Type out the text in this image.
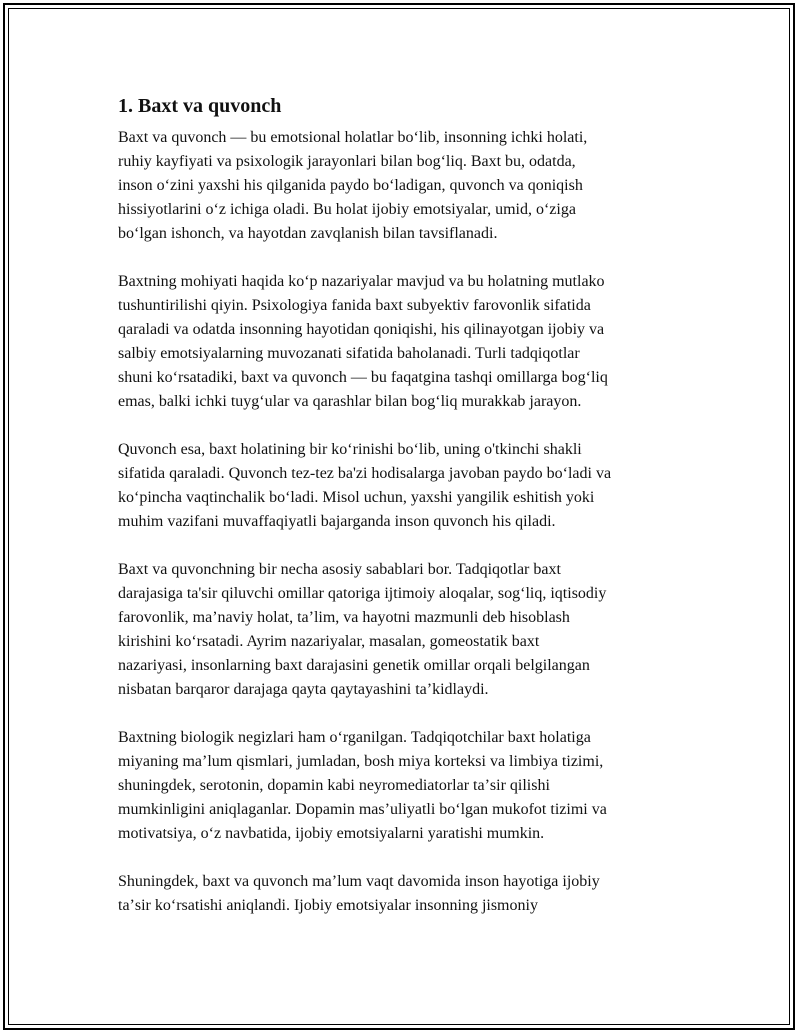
1. Baxt va quvonch

Baxt va quvonch — bu emotsional holatlar boʻlib, insonning ichki holati,
ruhiy kayfiyati va psixologik jarayonlari bilan bogʻliq. Baxt bu, odatda,
inson oʻzini yaxshi his qilganida paydo boʻladigan, quvonch va qoniqish
hissiyotlarini oʻz ichiga oladi. Bu holat ijobiy emotsiyalar, umid, oʻziga
boʻlgan ishonch, va hayotdan zavqlanish bilan tavsiflanadi.

Baxtning mohiyati haqida koʻp nazariyalar mavjud va bu holatning mutlako
tushuntirilishi qiyin. Psixologiya fanida baxt subyektiv farovonlik sifatida
qaraladi va odatda insonning hayotidan qoniqishi, his qilinayotgan ijobiy va
salbiy emotsiyalarning muvozanati sifatida baholanadi. Turli tadqiqotlar
shuni koʻrsatadiki, baxt va quvonch — bu faqatgina tashqi omillarga bogʻliq
emas, balki ichki tuygʻular va qarashlar bilan bogʻliq murakkab jarayon.

Quvonch esa, baxt holatining bir koʻrinishi boʻlib, uning o'tkinchi shakli
sifatida qaraladi. Quvonch tez-tez ba'zi hodisalarga javoban paydo boʻladi va
koʻpincha vaqtinchalik boʻladi. Misol uchun, yaxshi yangilik eshitish yoki
muhim vazifani muvaffaqiyatli bajarganda inson quvonch his qiladi.

Baxt va quvonchning bir necha asosiy sabablari bor. Tadqiqotlar baxt
darajasiga ta'sir qiluvchi omillar qatoriga ijtimoiy aloqalar, sogʻliq, iqtisodiy
farovonlik, maʼnaviy holat, taʼlim, va hayotni mazmunli deb hisoblash
kirishini koʻrsatadi. Ayrim nazariyalar, masalan, gomeostatik baxt
nazariyasi, insonlarning baxt darajasini genetik omillar orqali belgilangan
nisbatan barqaror darajaga qayta qaytayashini taʼkidlaydi.

Baxtning biologik negizlari ham oʻrganilgan. Tadqiqotchilar baxt holatiga
miyaning maʼlum qismlari, jumladan, bosh miya korteksi va limbiya tizimi,
shuningdek, serotonin, dopamin kabi neyromediatorlar taʼsir qilishi
mumkinligini aniqlaganlar. Dopamin masʼuliyatli boʻlgan mukofot tizimi va
motivatsiya, oʻz navbatida, ijobiy emotsiyalarni yaratishi mumkin.

Shuningdek, baxt va quvonch maʼlum vaqt davomida inson hayotiga ijobiy
taʼsir koʻrsatishi aniqlandi. Ijobiy emotsiyalar insonning jismoniy
